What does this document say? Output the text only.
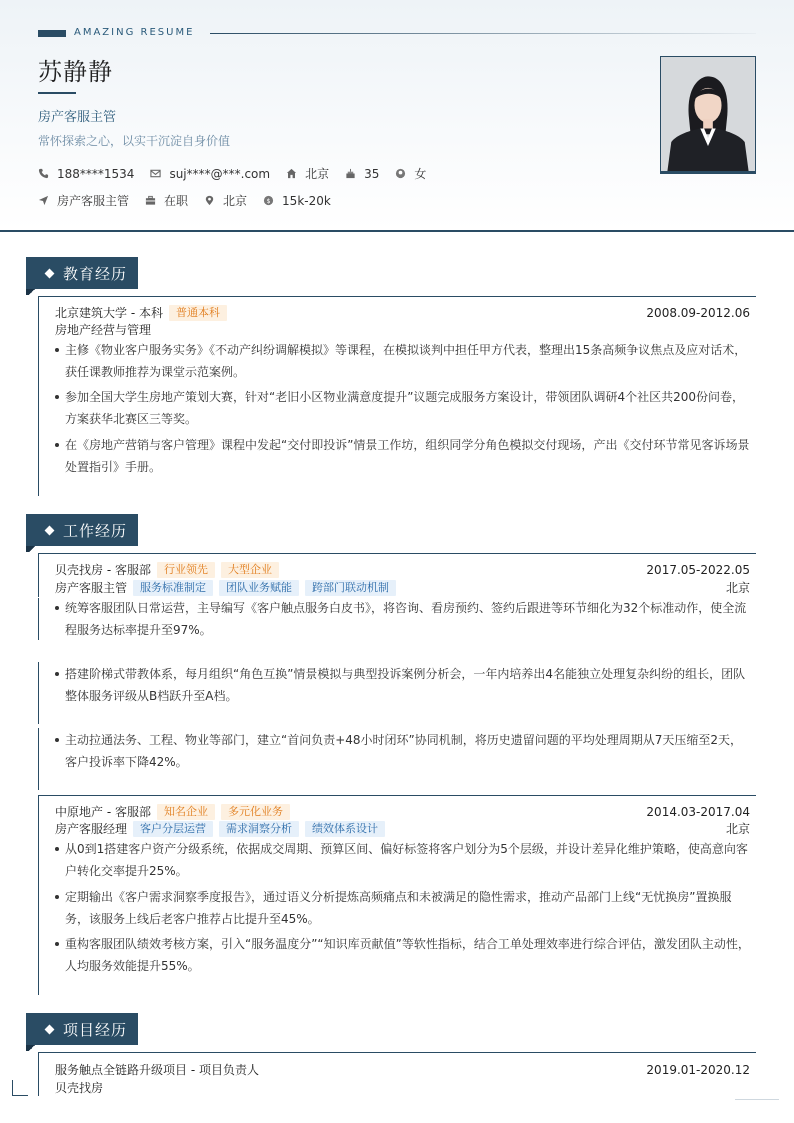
AMAZING RESUME
苏静静
房产客服主管
常怀探索之心，以实干沉淀自身价值
188****1534	suj****@***.com	北京	35	女
房产客服主管	在职	北京	$ 15k-20k
教育经历
北京建筑大学 - 本科	普通本科	2008.09-2012.06
房地产经营与管理
主修《物业客户服务实务》《不动产纠纷调解模拟》等课程，在模拟谈判中担任甲方代表，整理出15条高频争议焦点及应对话术，获任课教师推荐为课堂示范案例。
参加全国大学生房地产策划大赛，针对“老旧小区物业满意度提升”议题完成服务方案设计，带领团队调研4个社区共200份问卷，方案获华北赛区三等奖。
在《房地产营销与客户管理》课程中发起“交付即投诉”情景工作坊，组织同学分角色模拟交付现场，产出《交付环节常见客诉场景处置指引》手册。
工作经历
贝壳找房 - 客服部	行业领先	大型企业	2017.05-2022.05
房产客服主管	服务标准制定	团队业务赋能	跨部门联动机制	北京
统筹客服团队日常运营，主导编写《客户触点服务白皮书》，将咨询、看房预约、签约后跟进等环节细化为32个标准动作，使全流程服务达标率提升至97%。
搭建阶梯式带教体系，每月组织“角色互换”情景模拟与典型投诉案例分析会，一年内培养出4名能独立处理复杂纠纷的组长，团队整体服务评级从B档跃升至A档。
主动拉通法务、工程、物业等部门，建立“首问负责+48小时闭环”协同机制，将历史遗留问题的平均处理周期从7天压缩至2天，客户投诉率下降42%。
中原地产 - 客服部	知名企业	多元化业务	2014.03-2017.04
房产客服经理	客户分层运营	需求洞察分析	绩效体系设计	北京
从0到1搭建客户资产分级系统，依据成交周期、预算区间、偏好标签将客户划分为5个层级，并设计差异化维护策略，使高意向客户转化交率提升25%。
定期输出《客户需求洞察季度报告》，通过语义分析提炼高频痛点和未被满足的隐性需求，推动产品部门上线“无忧换房”置换服务，该服务上线后老客户推荐占比提升至45%。
重构客服团队绩效考核方案，引入“服务温度分”“知识库贡献值”等软性指标，结合工单处理效率进行综合评估，激发团队主动性，人均服务效能提升55%。
项目经历
服务触点全链路升级项目 - 项目负责人	2019.01-2020.12
贝壳找房
